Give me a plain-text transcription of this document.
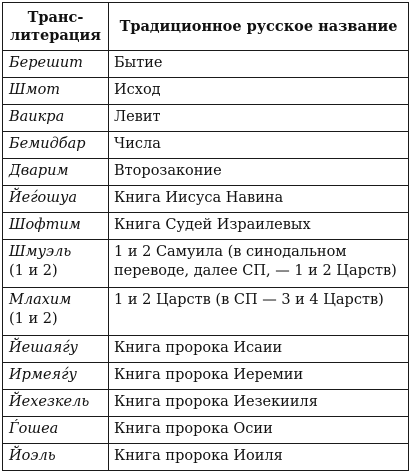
Транс-
литерация	Традиционное русское название
Берешит	Бытие
Шмот	Исход
Ваикра	Левит
Бемидбар	Числа
Дварим	Второзаконие
Йеѓошуа	Книга Иисуса Навина
Шофтим	Книга Судей Израилевых
Шмуэль
(1 и 2)	1 и 2 Самуила (в синодальном переводе, далее СП, — 1 и 2 Царств)
Млахим
(1 и 2)	1 и 2 Царств (в СП — 3 и 4 Царств)
Йешаяѓу	Книга пророка Исаии
Ирмеяѓу	Книга пророка Иеремии
Йехезкель	Книга пророка Иезекииля
Ѓошеа	Книга пророка Осии
Йоэль	Книга пророка Иоиля
